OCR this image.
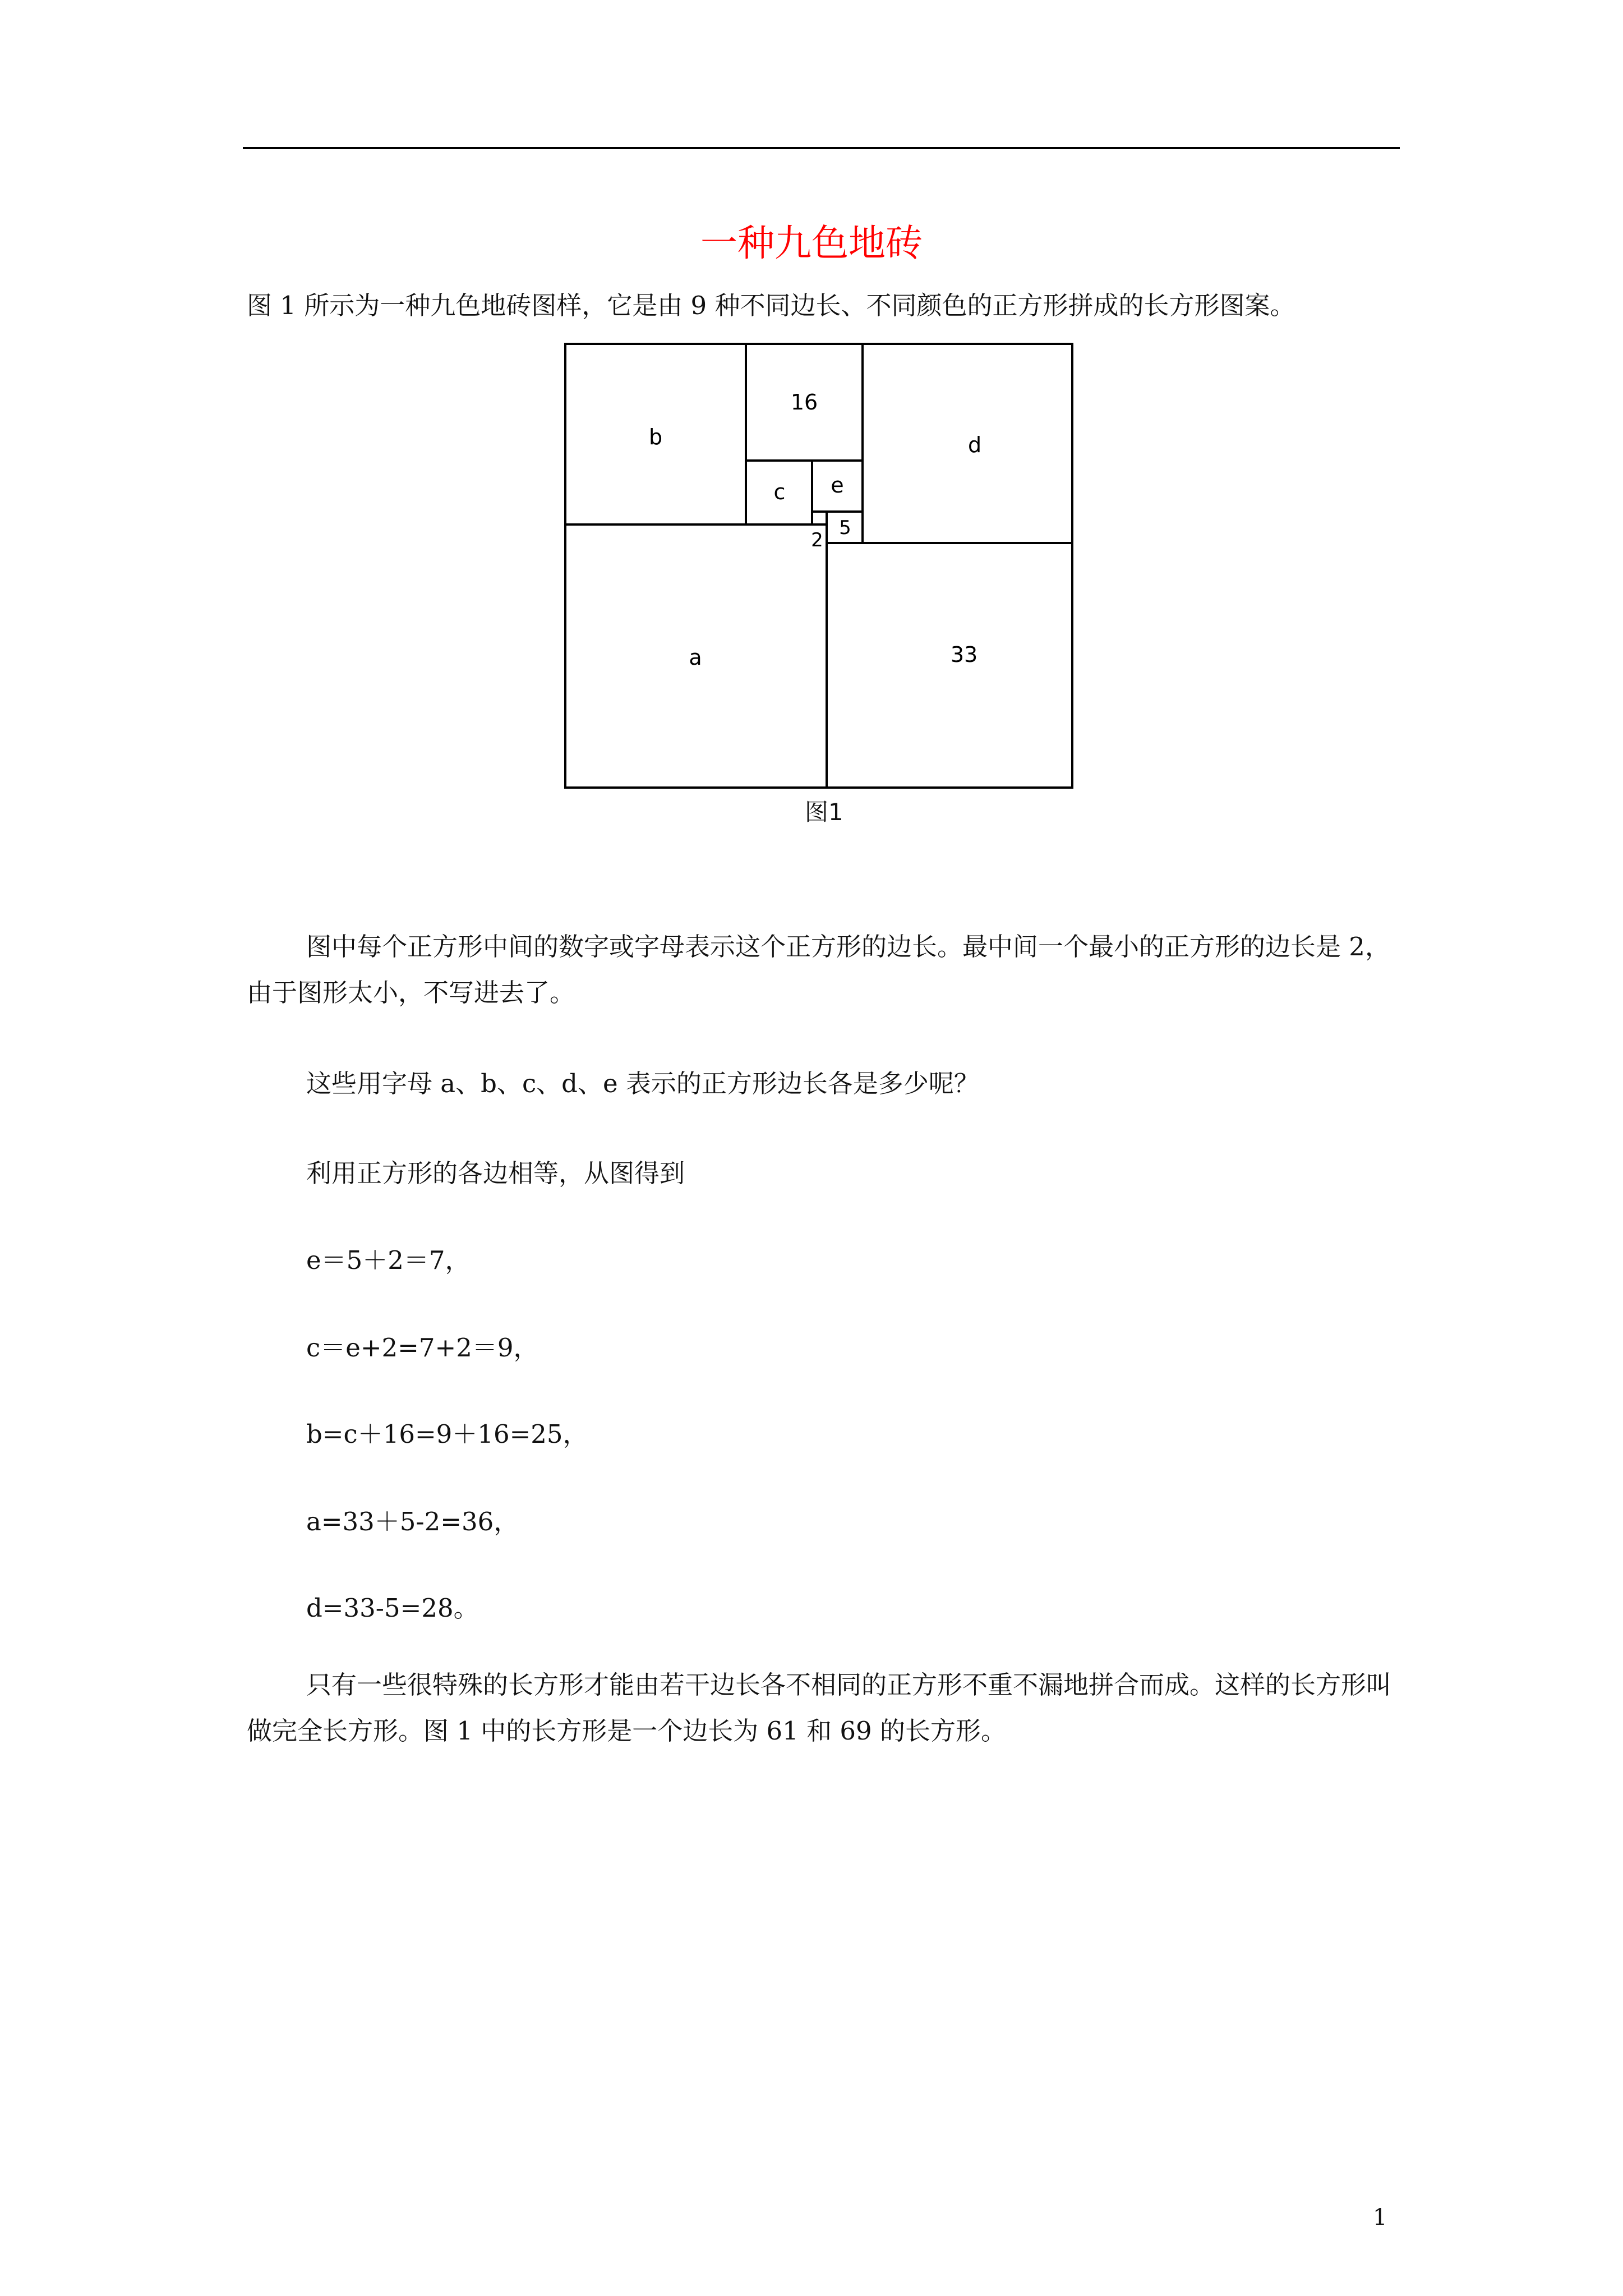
一种九色地砖
图 1 所示为一种九色地砖图样，它是由 9 种不同边长、不同颜色的正方形拼成的长方形图案。
b
16
d
c e
5
2
a	33
图1

图中每个正方形中间的数字或字母表示这个正方形的边长。最中间一个最小的正方形的边长是 2，由于图形太小，不写进去了。

这些用字母 a、b、c、d、e 表示的正方形边长各是多少呢？

利用正方形的各边相等，从图得到

e＝5＋2＝7，

c＝e+2=7+2＝9，

b=c＋16=9＋16=25，

a=33＋5-2=36，

d=33-5=28。

只有一些很特殊的长方形才能由若干边长各不相同的正方形不重不漏地拼合而成。这样的长方形叫做完全长方形。图 1 中的长方形是一个边长为 61 和 69 的长方形。

1
